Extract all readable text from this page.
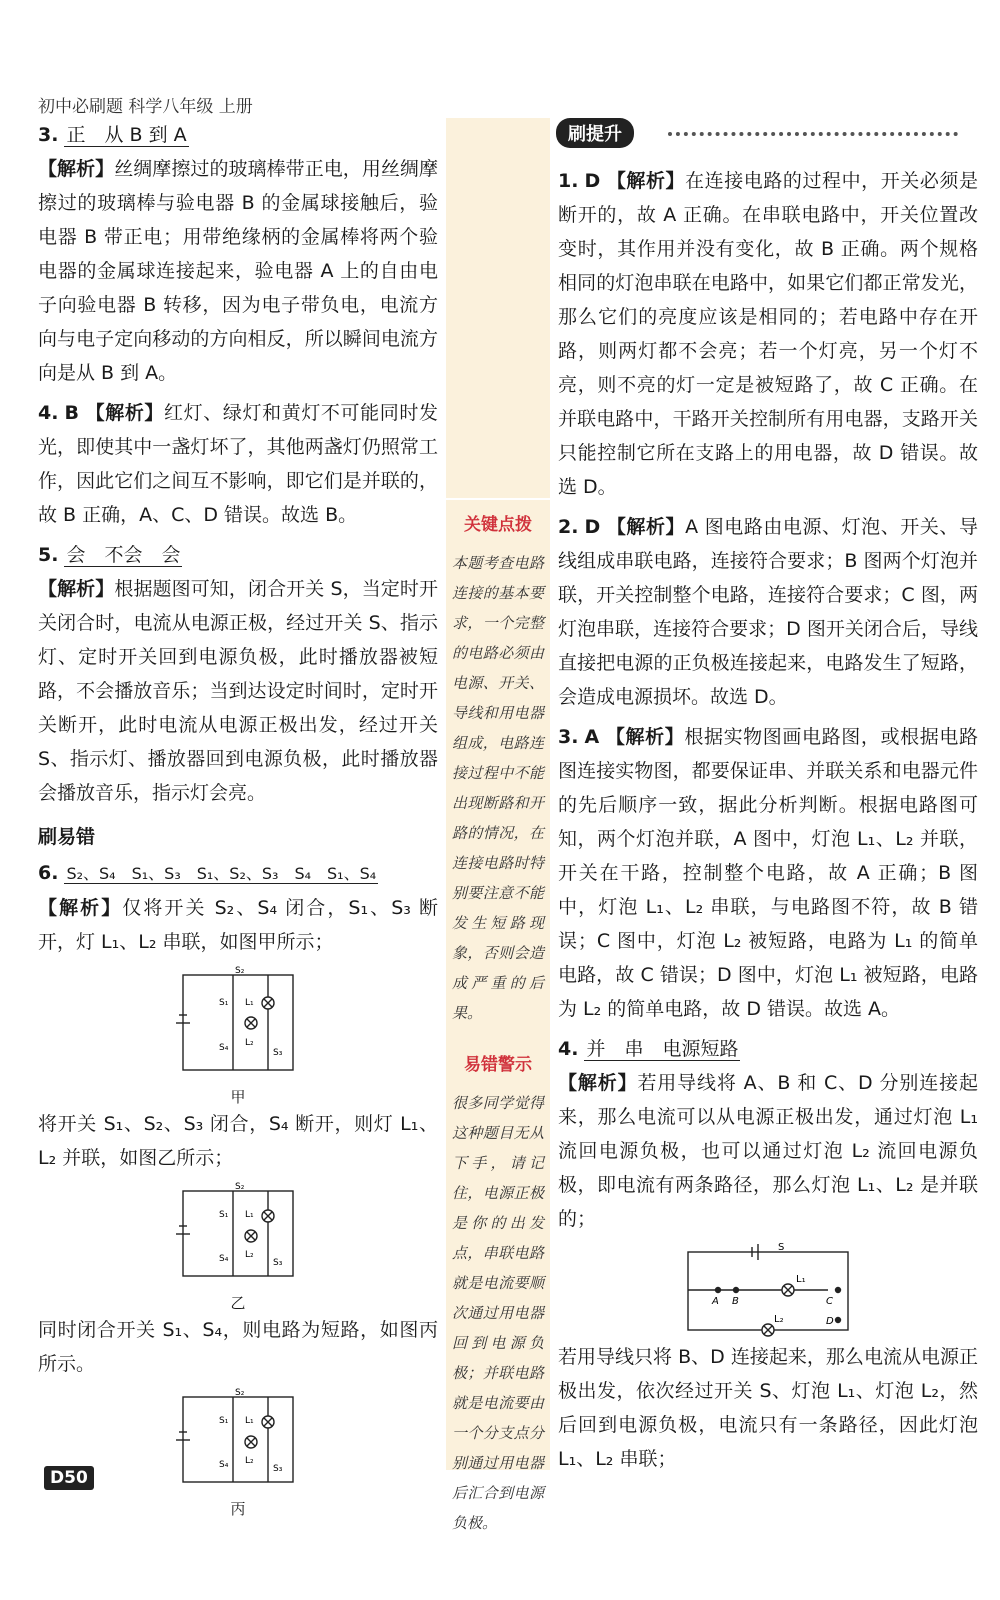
初中必刷题 科学八年级 上册
3. 正　从 B 到 A
【解析】丝绸摩擦过的玻璃棒带正电，用丝绸摩擦过的玻璃棒与验电器 B 的金属球接触后，验电器 B 带正电；用带绝缘柄的金属棒将两个验电器的金属球连接起来，验电器 A 上的自由电子向验电器 B 转移，因为电子带负电，电流方向与电子定向移动的方向相反，所以瞬间电流方向是从 B 到 A。
4. B 【解析】红灯、绿灯和黄灯不可能同时发光，即使其中一盏灯坏了，其他两盏灯仍照常工作，因此它们之间互不影响，即它们是并联的，故 B 正确，A、C、D 错误。故选 B。
5. 会　不会　会
【解析】根据题图可知，闭合开关 S，当定时开关闭合时，电流从电源正极，经过开关 S、指示灯、定时开关回到电源负极，此时播放器被短路，不会播放音乐；当到达设定时间时，定时开关断开，此时电流从电源正极出发，经过开关 S、指示灯、播放器回到电源负极，此时播放器会播放音乐，指示灯会亮。
刷易错
6. S₂、S₄　S₁、S₃　S₁、S₂、S₃　S₄　S₁、S₄
【解析】仅将开关 S₂、S₄ 闭合，S₁、S₃ 断开，灯 L₁、L₂ 串联，如图甲所示；
S₂
S₁ L₁
L₂
S₄	S₃
甲
将开关 S₁、S₂、S₃ 闭合，S₄ 断开，则灯 L₁、L₂ 并联，如图乙所示；
S₂
S₁ L₁
L₂
S₄	S₃
乙
同时闭合开关 S₁、S₄，则电路为短路，如图丙所示。
S₂
S₁ L₁
L₂
S₄	S₃
丙
关键点拨
本题考查电路连接的基本要求，一个完整的电路必须由电源、开关、导线和用电器组成，电路连接过程中不能出现断路和开路的情况，在连接电路时特别要注意不能发生短路现象，否则会造成严重的后果。
易错警示
很多同学觉得这种题目无从下手，请记住，电源正极是你的出发点，串联电路就是电流要顺次通过用电器回到电源负极；并联电路就是电流要由一个分支点分别通过用电器后汇合到电源负极。
刷提升
1. D 【解析】在连接电路的过程中，开关必须是断开的，故 A 正确。在串联电路中，开关位置改变时，其作用并没有变化，故 B 正确。两个规格相同的灯泡串联在电路中，如果它们都正常发光，那么它们的亮度应该是相同的；若电路中存在开路，则两灯都不会亮；若一个灯亮，另一个灯不亮，则不亮的灯一定是被短路了，故 C 正确。在并联电路中，干路开关控制所有用电器，支路开关只能控制它所在支路上的用电器，故 D 错误。故选 D。
2. D 【解析】A 图电路由电源、灯泡、开关、导线组成串联电路，连接符合要求；B 图两个灯泡并联，开关控制整个电路，连接符合要求；C 图，两灯泡串联，连接符合要求；D 图开关闭合后，导线直接把电源的正负极连接起来，电路发生了短路，会造成电源损坏。故选 D。
3. A 【解析】根据实物图画电路图，或根据电路图连接实物图，都要保证串、并联关系和电器元件的先后顺序一致，据此分析判断。根据电路图可知，两个灯泡并联，A 图中，灯泡 L₁、L₂ 并联，开关在干路，控制整个电路，故 A 正确；B 图中，灯泡 L₁、L₂ 串联，与电路图不符，故 B 错误；C 图中，灯泡 L₂ 被短路，电路为 L₁ 的简单电路，故 C 错误；D 图中，灯泡 L₁ 被短路，电路为 L₂ 的简单电路，故 D 错误。故选 A。
4. 并　串　电源短路
【解析】若用导线将 A、B 和 C、D 分别连接起来，那么电流可以从电源正极出发，通过灯泡 L₁ 流回电源负极，也可以通过灯泡 L₂ 流回电源负极，即电流有两条路径，那么灯泡 L₁、L₂ 是并联的；
S
L₁
L₂
A B	C
D
若用导线只将 B、D 连接起来，那么电流从电源正极出发，依次经过开关 S、灯泡 L₁、灯泡 L₂，然后回到电源负极，电流只有一条路径，因此灯泡 L₁、L₂ 串联；
D50
